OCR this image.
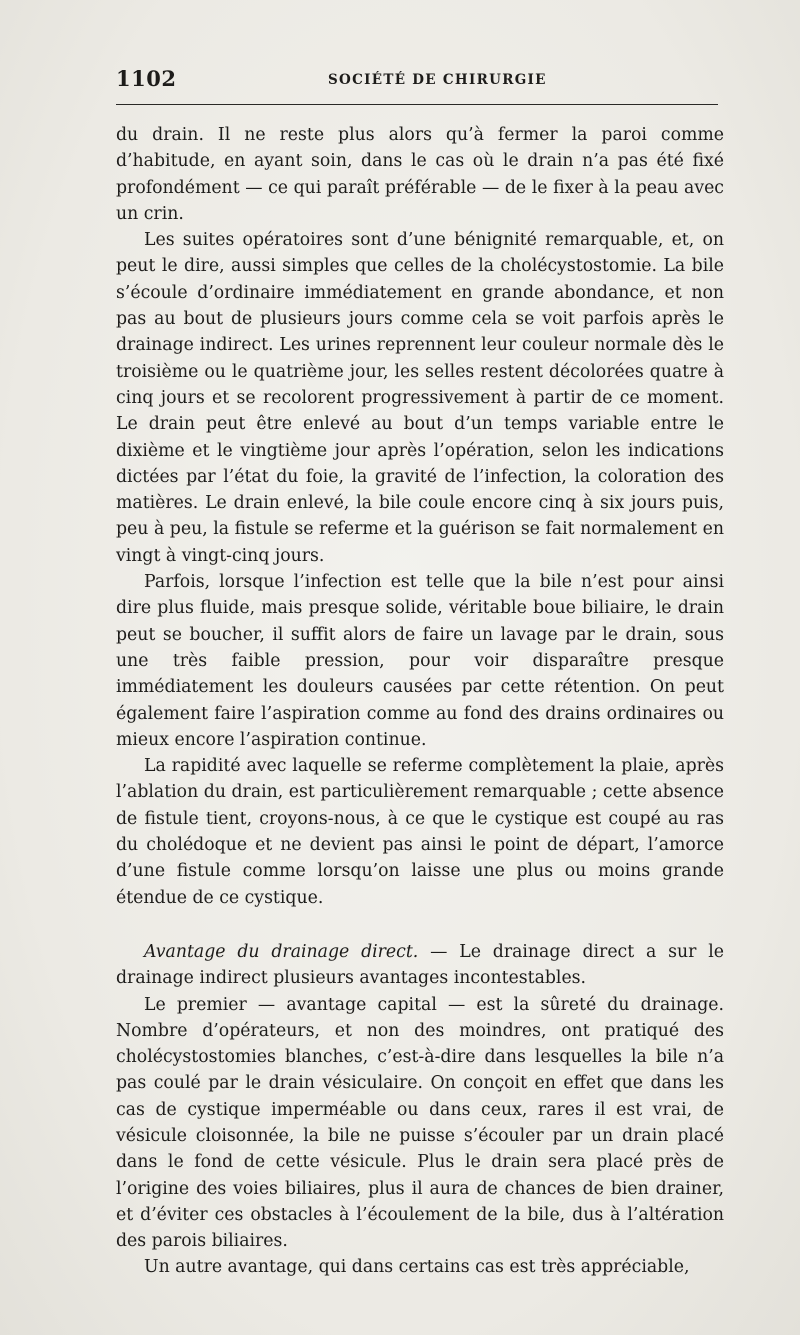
1102	SOCIÉTÉ DE CHIRURGIE

du drain. Il ne reste plus alors qu’à fermer la paroi comme d’habitude, en ayant soin, dans le cas où le drain n’a pas été fixé profondément — ce qui paraît préférable — de le fixer à la peau avec un crin.

Les suites opératoires sont d’une bénignité remarquable, et, on peut le dire, aussi simples que celles de la cholécystostomie. La bile s’écoule d’ordinaire immédiatement en grande abondance, et non pas au bout de plusieurs jours comme cela se voit parfois après le drainage indirect. Les urines reprennent leur couleur normale dès le troisième ou le quatrième jour, les selles restent décolorées quatre à cinq jours et se recolorent progressivement à partir de ce moment. Le drain peut être enlevé au bout d’un temps variable entre le dixième et le vingtième jour après l’opération, selon les indications dictées par l’état du foie, la gravité de l’infection, la coloration des matières. Le drain enlevé, la bile coule encore cinq à six jours puis, peu à peu, la fistule se referme et la guérison se fait normalement en vingt à vingt-cinq jours.

Parfois, lorsque l’infection est telle que la bile n’est pour ainsi dire plus fluide, mais presque solide, véritable boue biliaire, le drain peut se boucher, il suffit alors de faire un lavage par le drain, sous une très faible pression, pour voir disparaître presque immédiatement les douleurs causées par cette rétention. On peut également faire l’aspiration comme au fond des drains ordinaires ou mieux encore l’aspiration continue.

La rapidité avec laquelle se referme complètement la plaie, après l’ablation du drain, est particulièrement remarquable ; cette absence de fistule tient, croyons-nous, à ce que le cystique est coupé au ras du cholédoque et ne devient pas ainsi le point de départ, l’amorce d’une fistule comme lorsqu’on laisse une plus ou moins grande étendue de ce cystique.

Avantage du drainage direct. — Le drainage direct a sur le drainage indirect plusieurs avantages incontestables.

Le premier — avantage capital — est la sûreté du drainage. Nombre d’opérateurs, et non des moindres, ont pratiqué des cholécystostomies blanches, c’est-à-dire dans lesquelles la bile n’a pas coulé par le drain vésiculaire. On conçoit en effet que dans les cas de cystique imperméable ou dans ceux, rares il est vrai, de vésicule cloisonnée, la bile ne puisse s’écouler par un drain placé dans le fond de cette vésicule. Plus le drain sera placé près de l’origine des voies biliaires, plus il aura de chances de bien drainer, et d’éviter ces obstacles à l’écoulement de la bile, dus à l’altération des parois biliaires.

Un autre avantage, qui dans certains cas est très appréciable,
